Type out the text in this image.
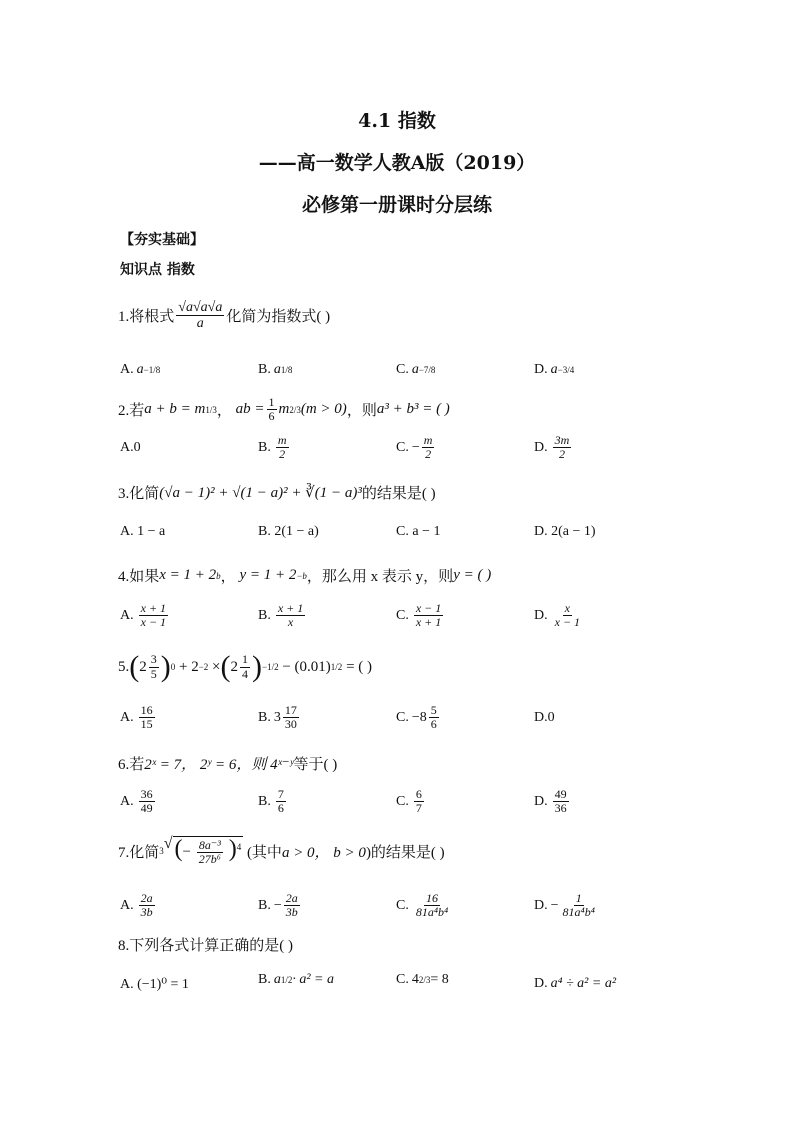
4.1 指数
——高一数学人教A版（2019）
必修第一册课时分层练
【夯实基础】
知识点 指数
1.将根式 $\frac{√a√a√a}{a}$ 化简为指数式( )
A. a −1/8	B. a 1/8	C. a −7/8	D. a −3/4
2.若 a + b = m 1/3 ， ab = $\frac{1}{6}$ m 2/3 (m > 0) ，则 a³ + b³ = ( )
A.0	B. $\frac{m}{2}$	C. − $\frac{m}{2}$	D. $\frac{3m}{2}$
3.化简 (√a − 1)² + √(1 − a)² + ∛(1 − a)³ 的结果是( )
A. 1 − a	B. 2(1 − a)	C. a − 1	D. 2(a − 1)
4.如果 x = 1 + 2 b ， y = 1 + 2 −b ，那么用 x 表示 y，则 y = ( )
A. $\frac{x + 1}{x - 1}$	B. $\frac{x + 1}{x}$	C. $\frac{x - 1}{x + 1}$	D. $\frac{x}{x - 1}$
5. ( $2 \frac{3}{5}$ ) 0
+ 2 −2
× ( $2 \frac{1}{4}$ ) −1/2
− (0.01) 1/2
= ( )
A. $\frac{16}{15}$	B. $3 \frac{17}{30}$	C. $-8 \frac{5}{6}$	D.0
6.若 2ˣ = 7， 2ʸ = 6，则 4ˣ⁻ʸ 等于( )
A. $\frac{36}{49}$	B. $\frac{7}{6}$	C. $\frac{6}{7}$	D. $\frac{49}{36}$
7.化简 3 √ (− $\frac{\text{8a⁻³}}{\text{27b⁶}} )^4$
(其中 a > 0， b > 0 )的结果是( )
A. $\frac{2a}{3b}$	B. − $\frac{2a}{3b}$	C. $\frac{16}{\text{81a⁴b⁴}}$	D. − $\frac{1}{\text{81a⁴b⁴}}$
8.下列各式计算正确的是( )
A. (−1)⁰ = 1	B. a 1/2 · a² = a	C. 4 2/3 = 8	D. a⁴ ÷ a² = a²
